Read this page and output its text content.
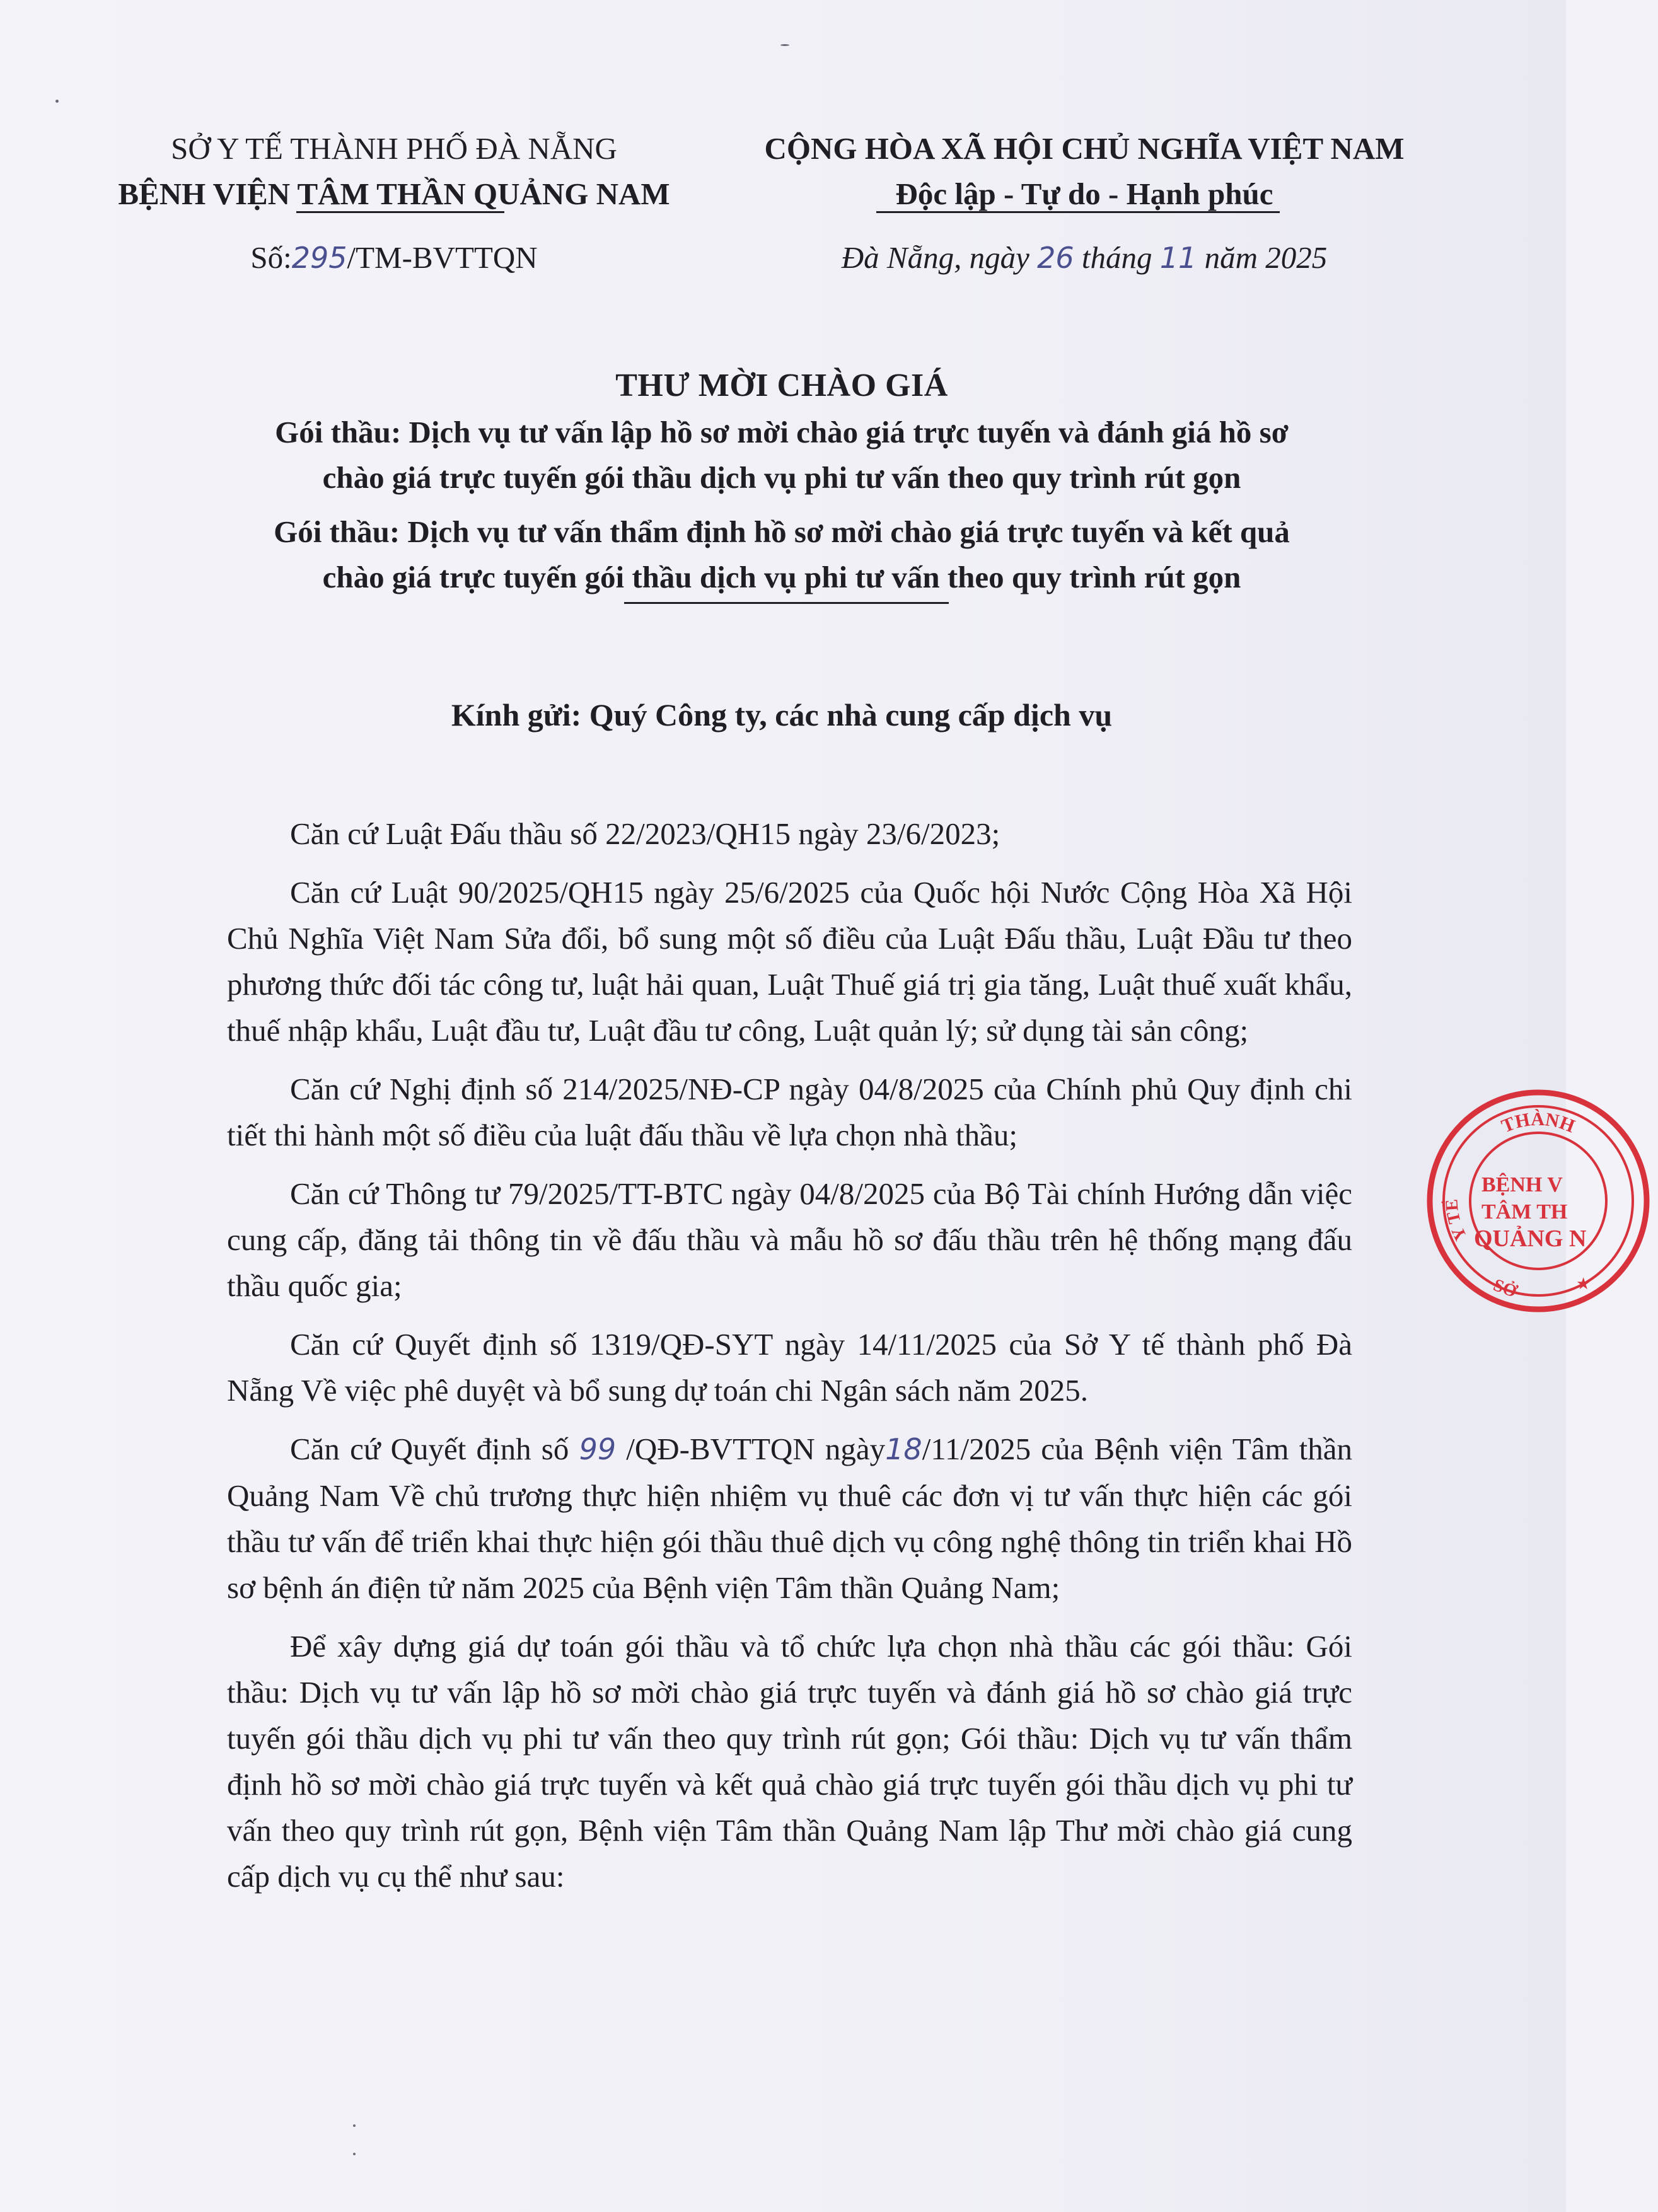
SỞ Y TẾ THÀNH PHỐ ĐÀ NẴNG
BỆNH VIỆN TÂM THẦN QUẢNG NAM
CỘNG HÒA XÃ HỘI CHỦ NGHĨA VIỆT NAM
Độc lập - Tự do - Hạnh phúc
Số:295/TM-BVTTQN	Đà Nẵng, ngày 26 tháng 11 năm 2025
THƯ MỜI CHÀO GIÁ
Gói thầu: Dịch vụ tư vấn lập hồ sơ mời chào giá trực tuyến và đánh giá hồ sơ
chào giá trực tuyến gói thầu dịch vụ phi tư vấn theo quy trình rút gọn
Gói thầu: Dịch vụ tư vấn thẩm định hồ sơ mời chào giá trực tuyến và kết quả
chào giá trực tuyến gói thầu dịch vụ phi tư vấn theo quy trình rút gọn
Kính gửi: Quý Công ty, các nhà cung cấp dịch vụ

Căn cứ Luật Đấu thầu số 22/2023/QH15 ngày 23/6/2023;

Căn cứ Luật 90/2025/QH15 ngày 25/6/2025 của Quốc hội Nước Cộng Hòa Xã Hội Chủ Nghĩa Việt Nam Sửa đổi, bổ sung một số điều của Luật Đấu thầu, Luật Đầu tư theo phương thức đối tác công tư, luật hải quan, Luật Thuế giá trị gia tăng, Luật thuế xuất khẩu, thuế nhập khẩu, Luật đầu tư, Luật đầu tư công, Luật quản lý; sử dụng tài sản công;

Căn cứ Nghị định số 214/2025/NĐ-CP ngày 04/8/2025 của Chính phủ Quy định chi tiết thi hành một số điều của luật đấu thầu về lựa chọn nhà thầu;

Căn cứ Thông tư 79/2025/TT-BTC ngày 04/8/2025 của Bộ Tài chính Hướng dẫn việc cung cấp, đăng tải thông tin về đấu thầu và mẫu hồ sơ đấu thầu trên hệ thống mạng đấu thầu quốc gia;

Căn cứ Quyết định số 1319/QĐ-SYT ngày 14/11/2025 của Sở Y tế thành phố Đà Nẵng Về việc phê duyệt và bổ sung dự toán chi Ngân sách năm 2025.

Căn cứ Quyết định số 99 /QĐ-BVTTQN ngày18/11/2025 của Bệnh viện Tâm thần Quảng Nam Về chủ trương thực hiện nhiệm vụ thuê các đơn vị tư vấn thực hiện các gói thầu tư vấn để triển khai thực hiện gói thầu thuê dịch vụ công nghệ thông tin triển khai Hồ sơ bệnh án điện tử năm 2025 của Bệnh viện Tâm thần Quảng Nam;

Để xây dựng giá dự toán gói thầu và tổ chức lựa chọn nhà thầu các gói thầu: Gói thầu: Dịch vụ tư vấn lập hồ sơ mời chào giá trực tuyến và đánh giá hồ sơ chào giá trực tuyến gói thầu dịch vụ phi tư vấn theo quy trình rút gọn; Gói thầu: Dịch vụ tư vấn thẩm định hồ sơ mời chào giá trực tuyến và kết quả chào giá trực tuyến gói thầu dịch vụ phi tư vấn theo quy trình rút gọn, Bệnh viện Tâm thần Quảng Nam lập Thư mời chào giá cung cấp dịch vụ cụ thể như sau:

THÀNH
Y TẾ
BỆNH V
TÂM TH
QUẢNG N
SỞ	★
